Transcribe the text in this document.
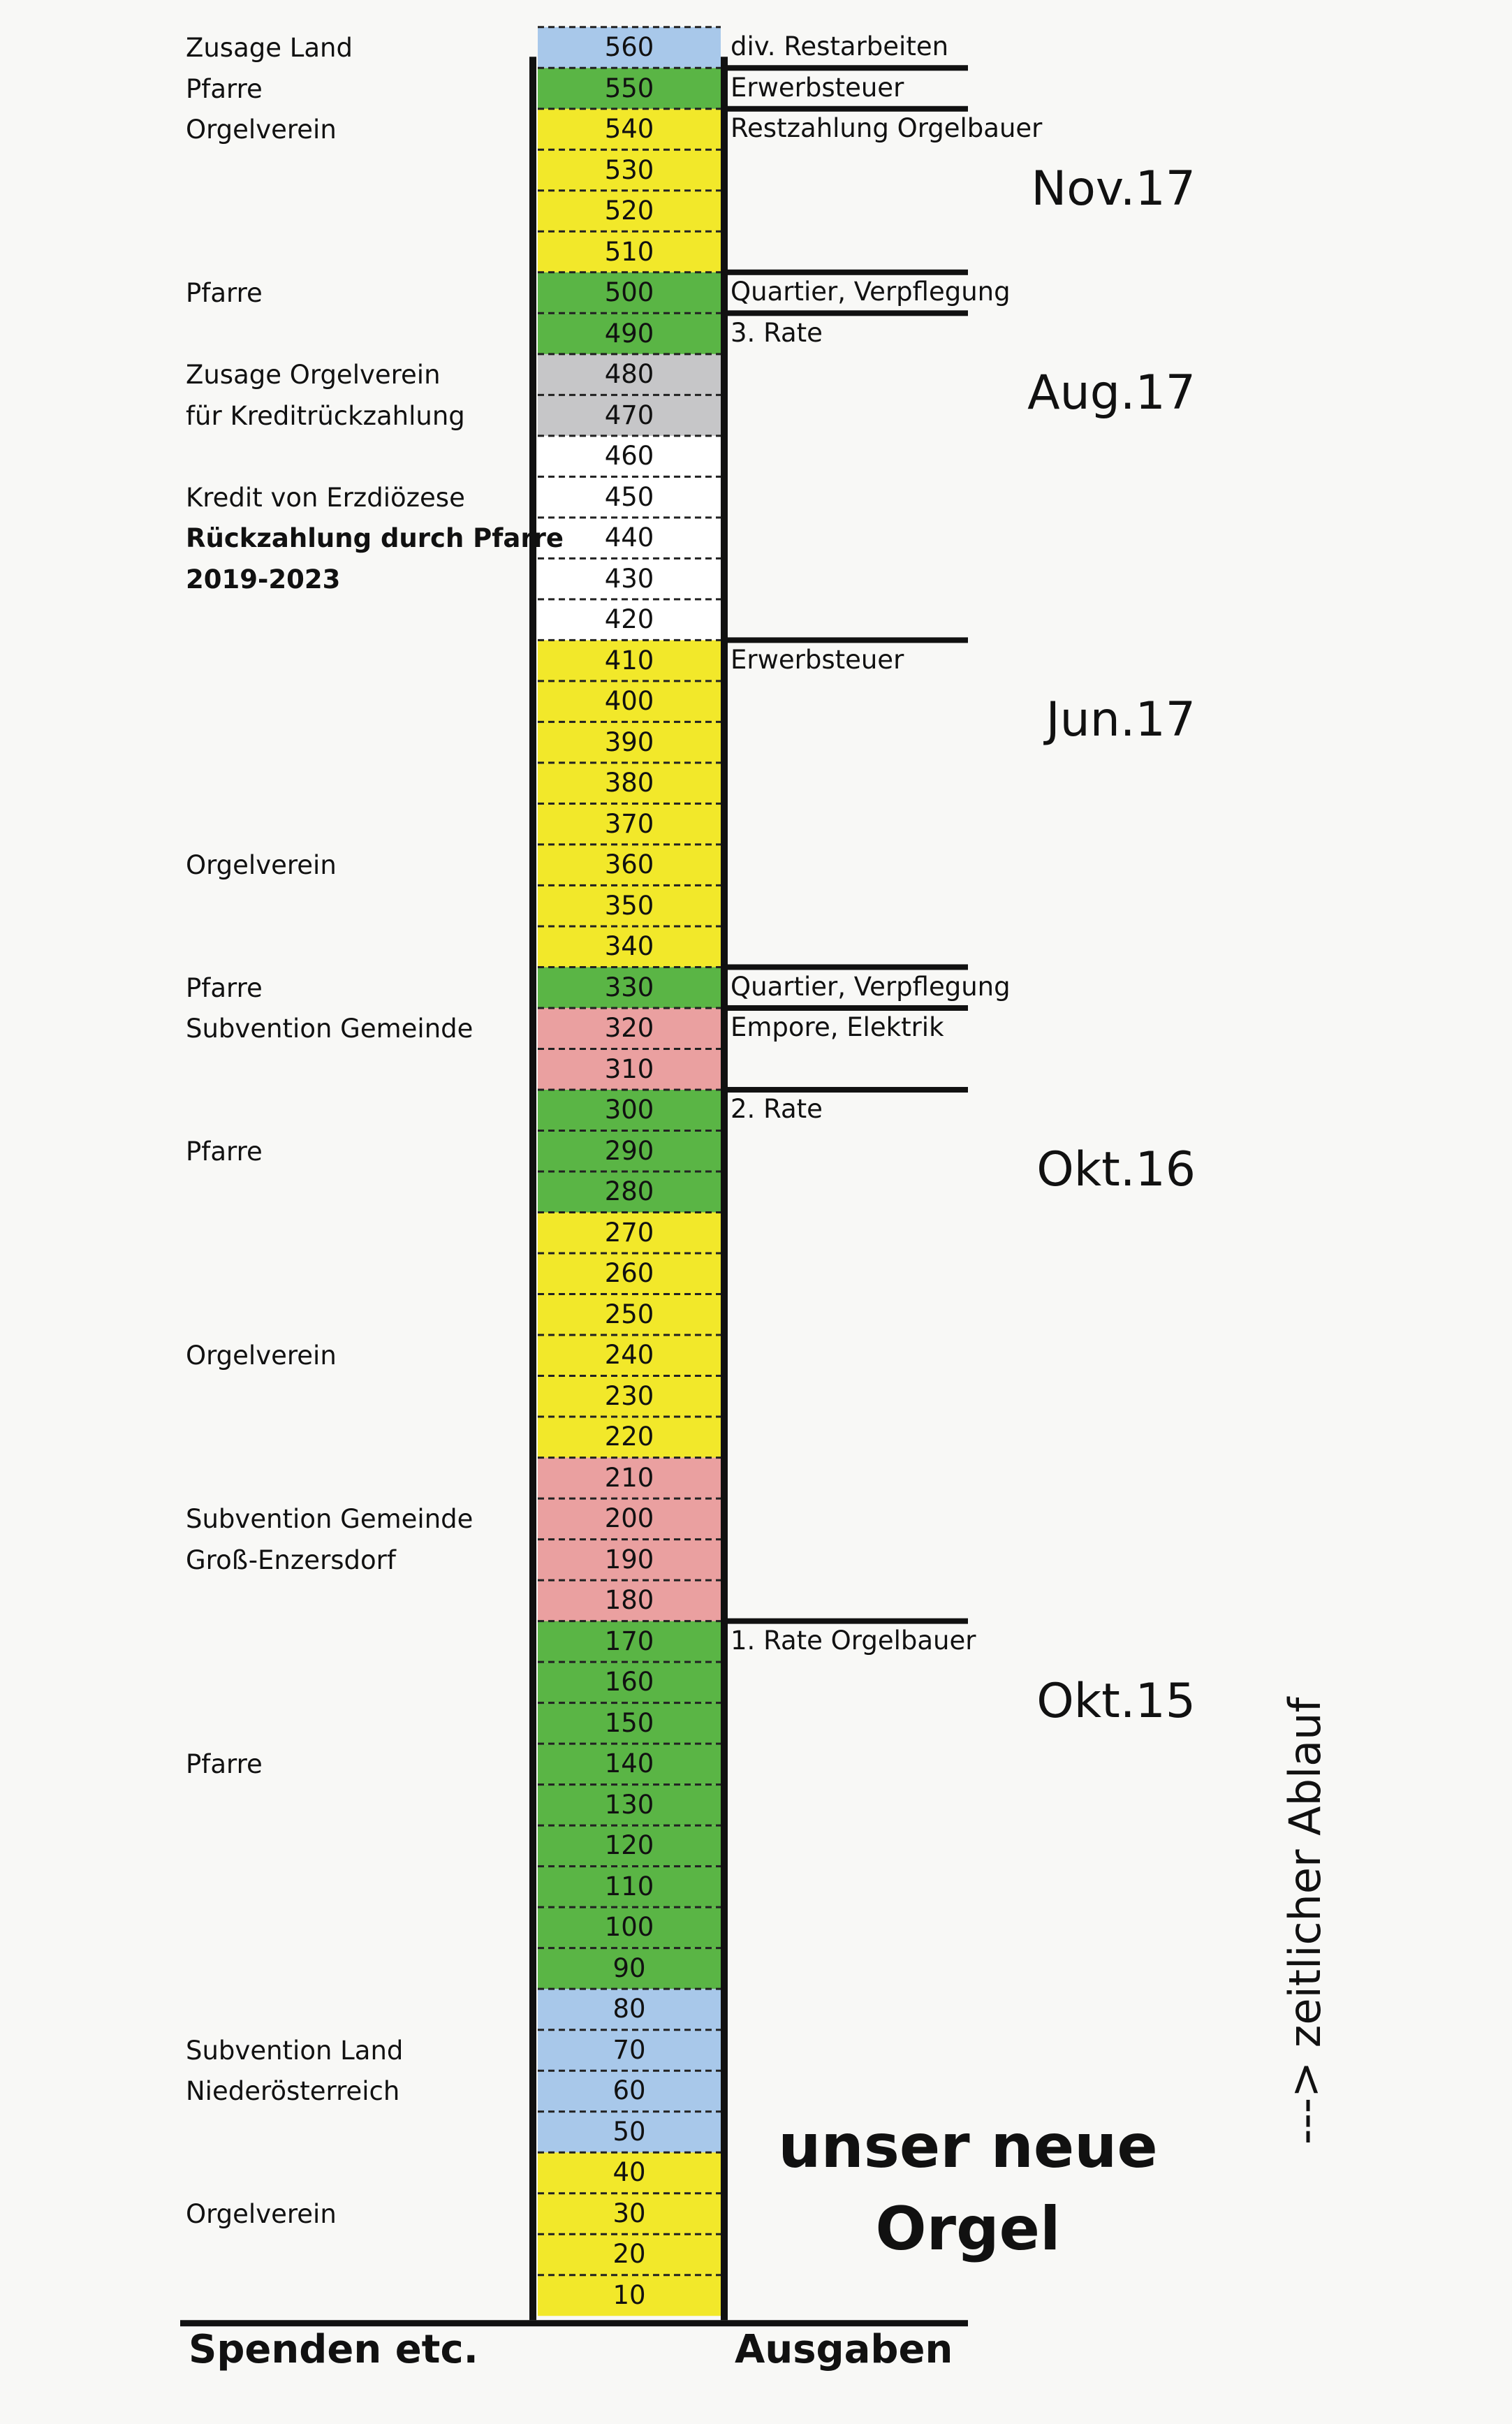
10
20
30
40
50
60
70
80
90
100
110
120
130
140
150
160
170
180
190
200
210
220
230
240
250
260
270
280
290
300
310
320
330
340
350
360
370
380
390
400
410
420
430
440
450
460
470
480
490
500
510
520
530
540
550
560
Zusage Land
Pfarre
Orgelverein
Pfarre
Zusage Orgelverein
für Kreditrückzahlung
Kredit von Erzdiözese
Rückzahlung durch Pfarre
2019-2023
Orgelverein
Pfarre
Subvention Gemeinde
Pfarre
Orgelverein
Subvention Gemeinde
Groß-Enzersdorf
Pfarre
Subvention Land
Niederösterreich
Orgelverein
div. Restarbeiten
Erwerbsteuer
Restzahlung Orgelbauer
Quartier, Verpflegung
3. Rate
Erwerbsteuer
Quartier, Verpflegung
Empore, Elektrik
2. Rate
1. Rate Orgelbauer
Nov.17
Aug.17
Jun.17
Okt.16
Okt.15
unser neue
Orgel
Spenden etc.	Ausgaben
---> zeitlicher Ablauf
